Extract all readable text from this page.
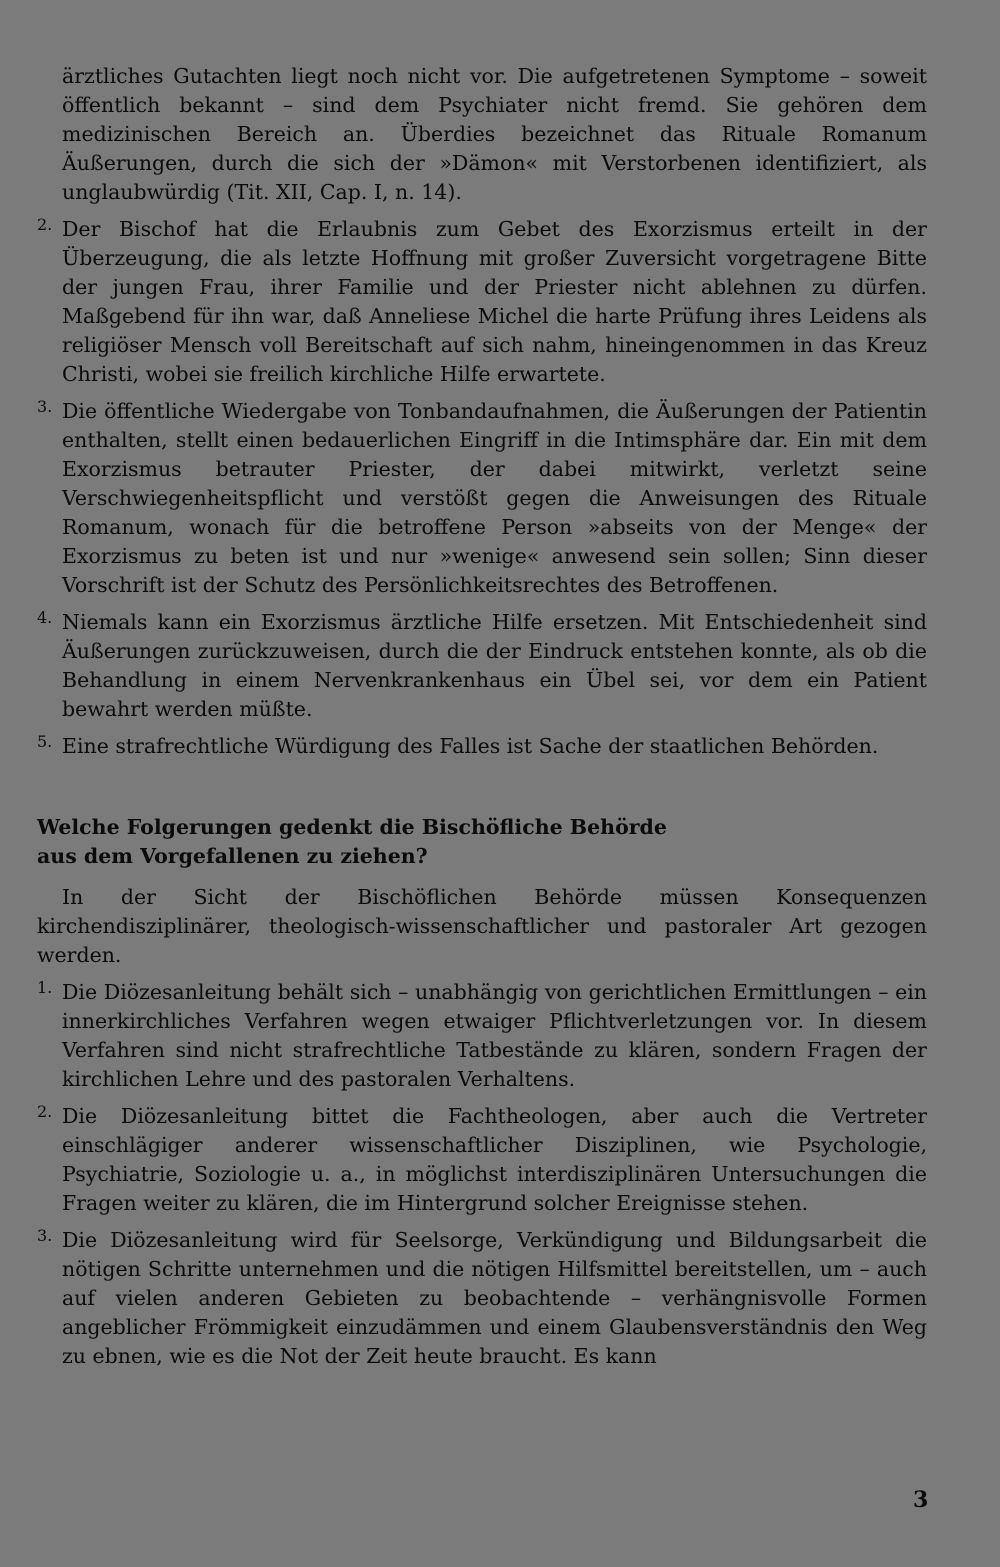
ärztliches Gutachten liegt noch nicht vor. Die aufgetretenen Symptome – soweit öffentlich bekannt – sind dem Psychiater nicht fremd. Sie gehören dem medizinischen Bereich an. Überdies bezeichnet das Rituale Romanum Äußerungen, durch die sich der »Dämon« mit Verstorbenen identifiziert, als unglaubwürdig (Tit. XII, Cap. I, n. 14).

2. Der Bischof hat die Erlaubnis zum Gebet des Exorzismus erteilt in der Überzeugung, die als letzte Hoffnung mit großer Zuversicht vorgetragene Bitte der jungen Frau, ihrer Familie und der Priester nicht ablehnen zu dürfen. Maßgebend für ihn war, daß Anneliese Michel die harte Prüfung ihres Leidens als religiöser Mensch voll Bereitschaft auf sich nahm, hineingenommen in das Kreuz Christi, wobei sie freilich kirchliche Hilfe erwartete.

3. Die öffentliche Wiedergabe von Tonbandaufnahmen, die Äußerungen der Patientin enthalten, stellt einen bedauerlichen Eingriff in die Intimsphäre dar. Ein mit dem Exorzismus betrauter Priester, der dabei mitwirkt, verletzt seine Verschwiegenheitspflicht und verstößt gegen die Anweisungen des Rituale Romanum, wonach für die betroffene Person »abseits von der Menge« der Exorzismus zu beten ist und nur »wenige« anwesend sein sollen; Sinn dieser Vorschrift ist der Schutz des Persönlichkeitsrechtes des Betroffenen.

4. Niemals kann ein Exorzismus ärztliche Hilfe ersetzen. Mit Entschiedenheit sind Äußerungen zurückzuweisen, durch die der Eindruck entstehen konnte, als ob die Behandlung in einem Nervenkrankenhaus ein Übel sei, vor dem ein Patient bewahrt werden müßte.

5. Eine strafrechtliche Würdigung des Falles ist Sache der staatlichen Behörden.

Welche Folgerungen gedenkt die Bischöfliche Behörde
aus dem Vorgefallenen zu ziehen?

In der Sicht der Bischöflichen Behörde müssen Konsequenzen kirchendisziplinärer, theologisch-wissenschaftlicher und pastoraler Art gezogen werden.

1. Die Diözesanleitung behält sich – unabhängig von gerichtlichen Ermittlungen – ein innerkirchliches Verfahren wegen etwaiger Pflichtverletzungen vor. In diesem Verfahren sind nicht strafrechtliche Tatbestände zu klären, sondern Fragen der kirchlichen Lehre und des pastoralen Verhaltens.

2. Die Diözesanleitung bittet die Fachtheologen, aber auch die Vertreter einschlägiger anderer wissenschaftlicher Disziplinen, wie Psychologie, Psychiatrie, Soziologie u. a., in möglichst interdisziplinären Untersuchungen die Fragen weiter zu klären, die im Hintergrund solcher Ereignisse stehen.

3. Die Diözesanleitung wird für Seelsorge, Verkündigung und Bildungsarbeit die nötigen Schritte unternehmen und die nötigen Hilfsmittel bereitstellen, um – auch auf vielen anderen Gebieten zu beobachtende – verhängnisvolle Formen angeblicher Frömmigkeit einzudämmen und einem Glaubensverständnis den Weg zu ebnen, wie es die Not der Zeit heute braucht. Es kann

3
